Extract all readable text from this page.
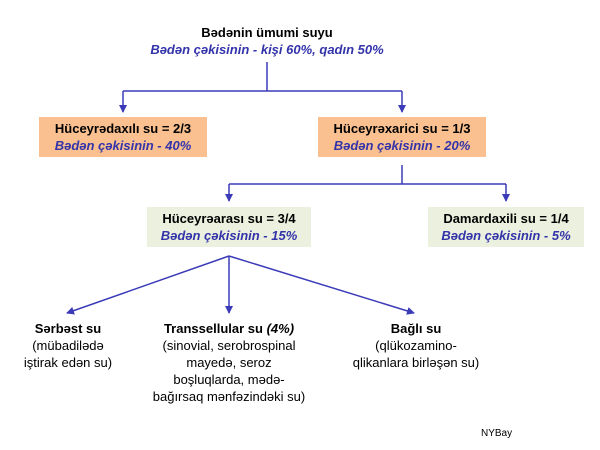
Bədənin ümumi suyu
Bədən çəkisinin - kişi 60%, qadın 50%
Hüceyrədaxılı su = 2/3
Bədən çəkisinin - 40%
Hüceyrəxarici su = 1/3
Bədən çəkisinin - 20%
Hüceyrəarası su = 3/4
Bədən çəkisinin - 15%
Damardaxili su = 1/4
Bədən çəkisinin - 5%
Sərbəst su
(mübadilədə
iştirak edən su)
Transsellular su (4%)
(sinovial, serobrospinal
mayedə, seroz
boşluqlarda, mədə-
bağırsaq mənfəzindəki su)
Bağlı su
(qlükozamino-
qlikanlara birləşən su)
NYBay
